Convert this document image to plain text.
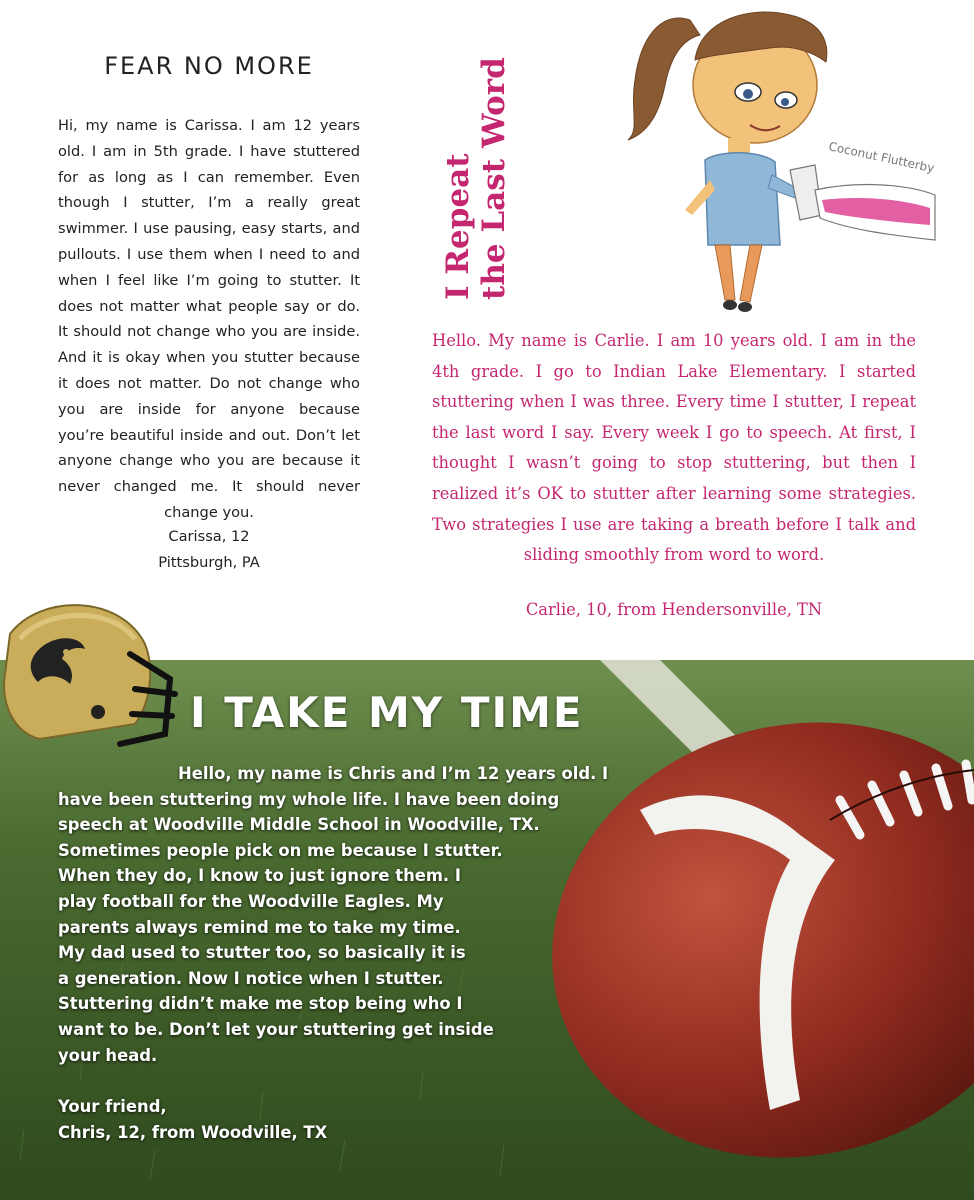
FEAR NO MORE

Hi, my name is Carissa. I am 12 years old. I am in 5th grade. I have stuttered for as long as I can remember. Even though I stutter, I’m a really great swimmer. I use pausing, easy starts, and pullouts. I use them when I need to and when I feel like I’m going to stutter. It does not matter what people say or do. It should not change who you are inside. And it is okay when you stutter because it does not matter. Do not change who you are inside for anyone because you’re beautiful inside and out. Don’t let anyone change who you are because it never changed me. It should never change you.

Carissa, 12
Pittsburgh, PA
I Repeat the Last Word	Coconut Flutterby

Hello. My name is Carlie. I am 10 years old. I am in the 4th grade. I go to Indian Lake Elementary. I started stuttering when I was three. Every time I stutter, I repeat the last word I say. Every week I go to speech. At first, I thought I wasn’t going to stop stuttering, but then I realized it’s OK to stutter after learning some strategies. Two strategies I use are taking a breath before I talk and sliding smoothly from word to word.

Carlie, 10, from Hendersonville, TN
I TAKE MY TIME
Hello, my name is Chris and I’m 12 years old. I
have been stuttering my whole life. I have been doing
speech at Woodville Middle School in Woodville, TX.
Sometimes people pick on me because I stutter.
When they do, I know to just ignore them. I
play football for the Woodville Eagles. My
parents always remind me to take my time.
My dad used to stutter too, so basically it is
a generation. Now I notice when I stutter.
Stuttering didn’t make me stop being who I
want to be. Don’t let your stuttering get inside
your head.
Your friend,
Chris, 12, from Woodville, TX
